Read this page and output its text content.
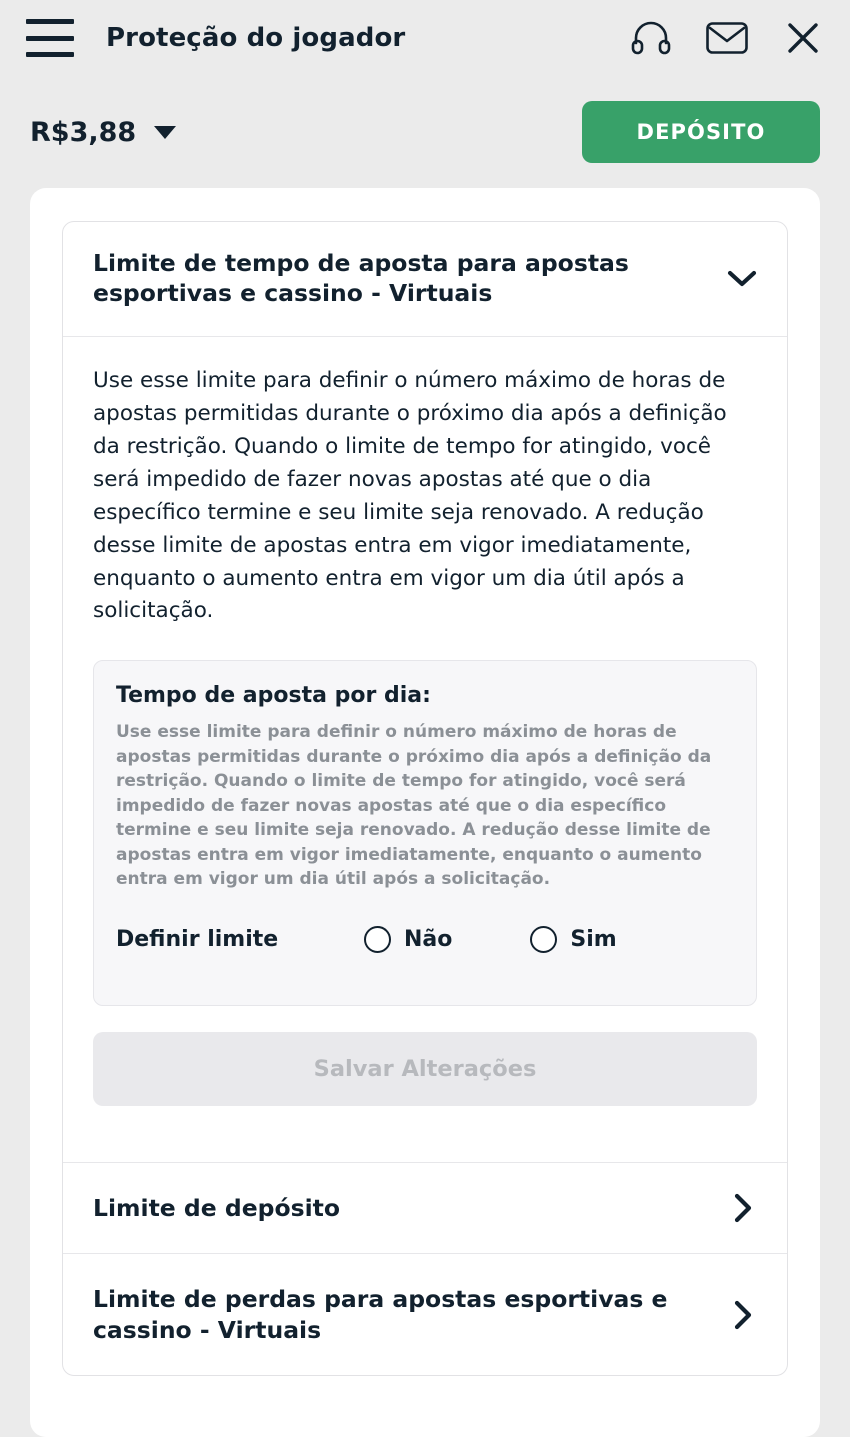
Proteção do jogador
R$3,88	DEPÓSITO
Limite de tempo de aposta para apostas esportivas e cassino - Virtuais
Use esse limite para definir o número máximo de horas de apostas permitidas durante o próximo dia após a definição da restrição. Quando o limite de tempo for atingido, você será impedido de fazer novas apostas até que o dia específico termine e seu limite seja renovado. A redução desse limite de apostas entra em vigor imediatamente, enquanto o aumento entra em vigor um dia útil após a solicitação.
Tempo de aposta por dia:
Use esse limite para definir o número máximo de horas de apostas permitidas durante o próximo dia após a definição da restrição. Quando o limite de tempo for atingido, você será impedido de fazer novas apostas até que o dia específico termine e seu limite seja renovado. A redução desse limite de apostas entra em vigor imediatamente, enquanto o aumento entra em vigor um dia útil após a solicitação.
Definir limite	Não	Sim
Salvar Alterações
Limite de depósito
Limite de perdas para apostas esportivas e cassino - Virtuais
